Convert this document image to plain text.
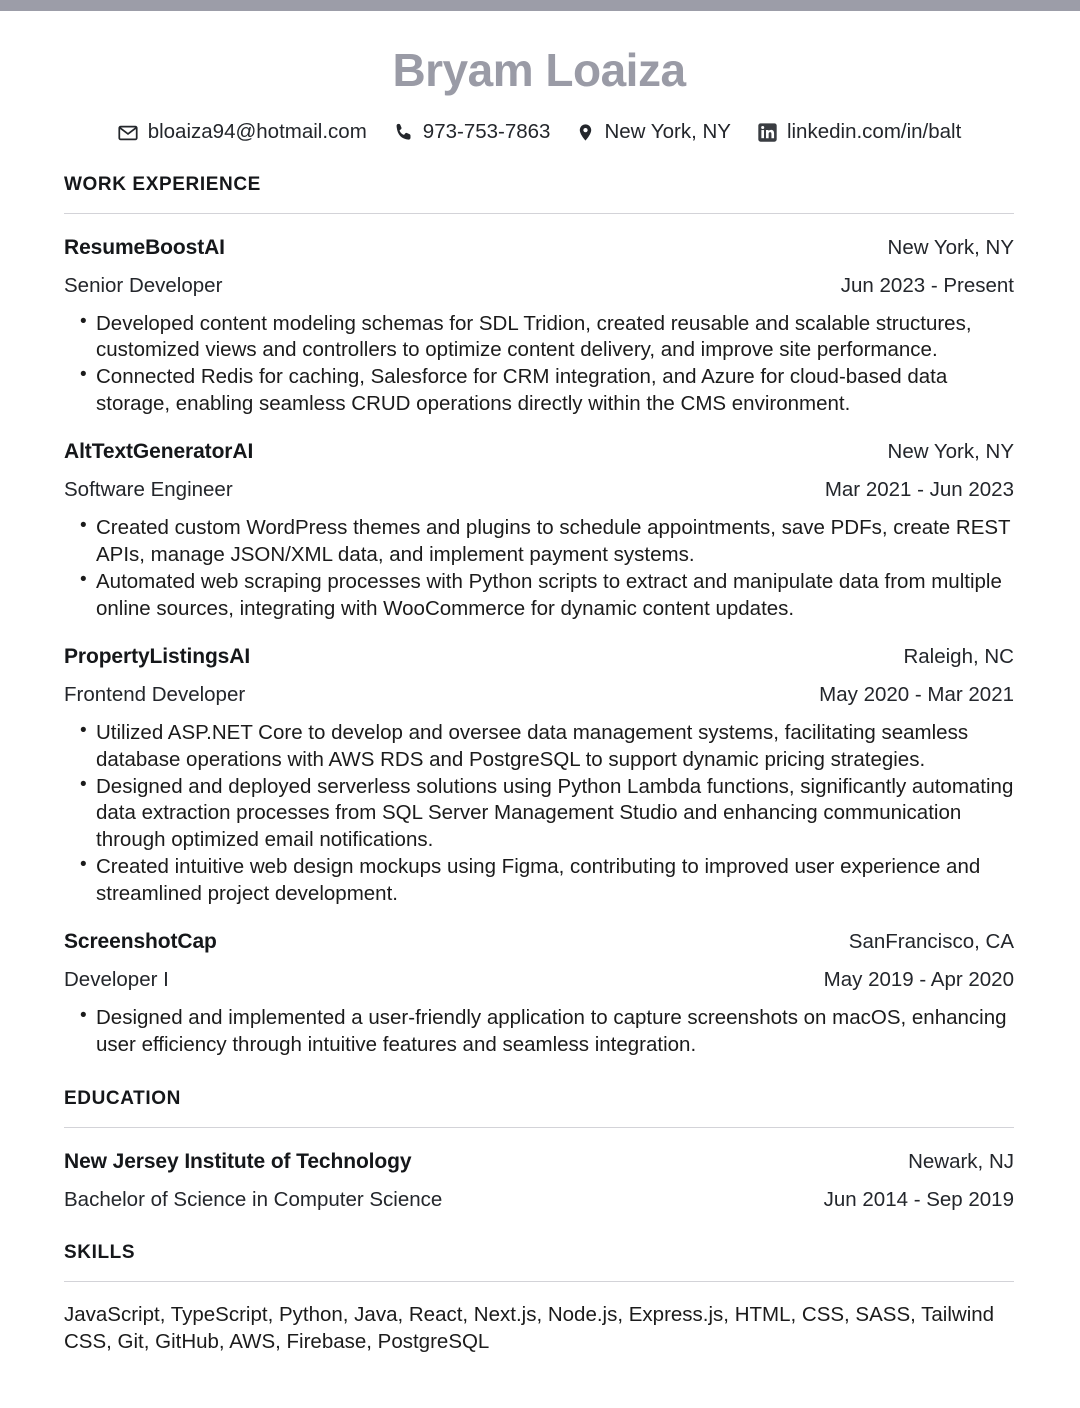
Bryam Loaiza
bloaiza94@hotmail.com	973-753-7863	New York, NY	linkedin.com/in/balt
WORK EXPERIENCE
ResumeBoostAI	New York, NY
Senior Developer	Jun 2023 - Present
• Developed content modeling schemas for SDL Tridion, created reusable and scalable structures, customized views and controllers to optimize content delivery, and improve site performance.
• Connected Redis for caching, Salesforce for CRM integration, and Azure for cloud-based data storage, enabling seamless CRUD operations directly within the CMS environment.
AltTextGeneratorAI	New York, NY
Software Engineer	Mar 2021 - Jun 2023
• Created custom WordPress themes and plugins to schedule appointments, save PDFs, create REST APIs, manage JSON/XML data, and implement payment systems.
• Automated web scraping processes with Python scripts to extract and manipulate data from multiple online sources, integrating with WooCommerce for dynamic content updates.
PropertyListingsAI	Raleigh, NC
Frontend Developer	May 2020 - Mar 2021
• Utilized ASP.NET Core to develop and oversee data management systems, facilitating seamless database operations with AWS RDS and PostgreSQL to support dynamic pricing strategies.
• Designed and deployed serverless solutions using Python Lambda functions, significantly automating data extraction processes from SQL Server Management Studio and enhancing communication through optimized email notifications.
• Created intuitive web design mockups using Figma, contributing to improved user experience and streamlined project development.
ScreenshotCap	SanFrancisco, CA
Developer I	May 2019 - Apr 2020
• Designed and implemented a user-friendly application to capture screenshots on macOS, enhancing user efficiency through intuitive features and seamless integration.
EDUCATION
New Jersey Institute of Technology	Newark, NJ
Bachelor of Science in Computer Science	Jun 2014 - Sep 2019
SKILLS
JavaScript, TypeScript, Python, Java, React, Next.js, Node.js, Express.js, HTML, CSS, SASS, Tailwind CSS, Git, GitHub, AWS, Firebase, PostgreSQL
